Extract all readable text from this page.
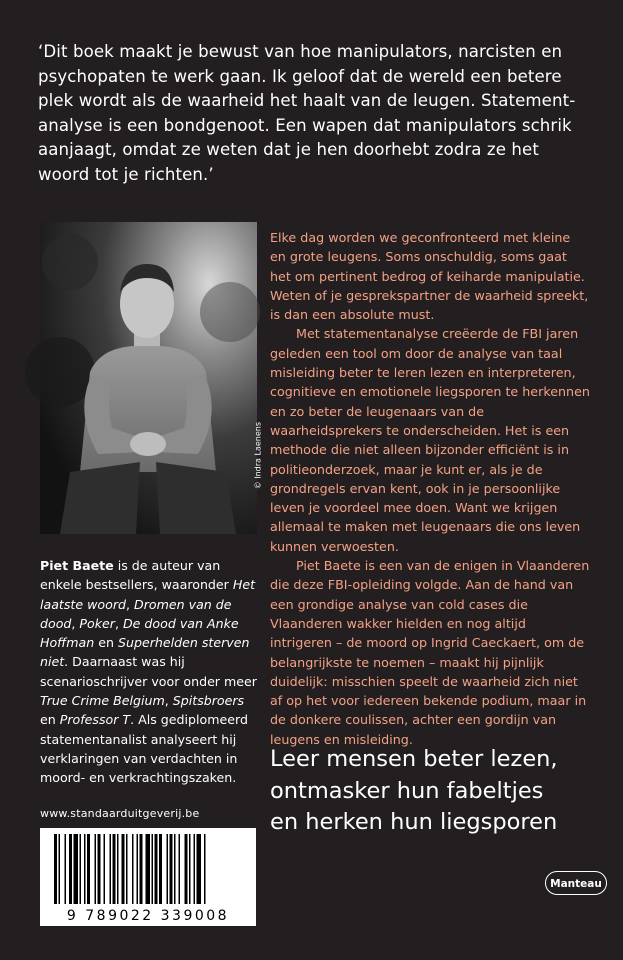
‘Dit boek maakt je bewust van hoe manipulators, narcisten en
psychopaten te werk gaan. Ik geloof dat de wereld een betere
plek wordt als de waarheid het haalt van de leugen. Statement-
analyse is een bondgenoot. Een wapen dat manipulators schrik
aanjaagt, omdat ze weten dat je hen doorhebt zodra ze het
woord tot je richten.’
© Indra Laenens
Piet Baete is de auteur van enkele bestsellers, waaronder Het laatste woord, Dromen van de dood, Poker, De dood van Anke Hoffman en Superhelden sterven niet. Daarnaast was hij scenarioschrijver voor onder meer True Crime Belgium, Spitsbroers en Professor T. Als gediplomeerd statementanalist analyseert hij verklaringen van verdachten in moord- en verkrachtingszaken.
www.standaarduitgeverij.be
9 789022 339008

Elke dag worden we geconfronteerd met kleine en grote leugens. Soms onschuldig, soms gaat het om pertinent bedrog of keiharde manipulatie. Weten of je gesprekspartner de waarheid spreekt, is dan een absolute must.

Met statementanalyse creëerde de FBI jaren geleden een tool om door de analyse van taal misleiding beter te leren lezen en interpreteren, cognitieve en emotionele liegsporen te herkennen en zo beter de leugenaars van de waarheidsprekers te onderscheiden. Het is een methode die niet alleen bijzonder efficiënt is in politieonderzoek, maar je kunt er, als je de grondregels ervan kent, ook in je persoonlijke leven je voordeel mee doen. Want we krijgen allemaal te maken met leugenaars die ons leven kunnen verwoesten.

Piet Baete is een van de enigen in Vlaanderen die deze FBI-opleiding volgde. Aan de hand van een grondige analyse van cold cases die Vlaanderen wakker hielden en nog altijd intrigeren – de moord op Ingrid Caeckaert, om de belangrijkste te noemen – maakt hij pijnlijk duidelijk: misschien speelt de waarheid zich niet af op het voor iedereen bekende podium, maar in de donkere coulissen, achter een gordijn van leugens en misleiding.

Leer mensen beter lezen,
ontmasker hun fabeltjes
en herken hun liegsporen
Manteau
